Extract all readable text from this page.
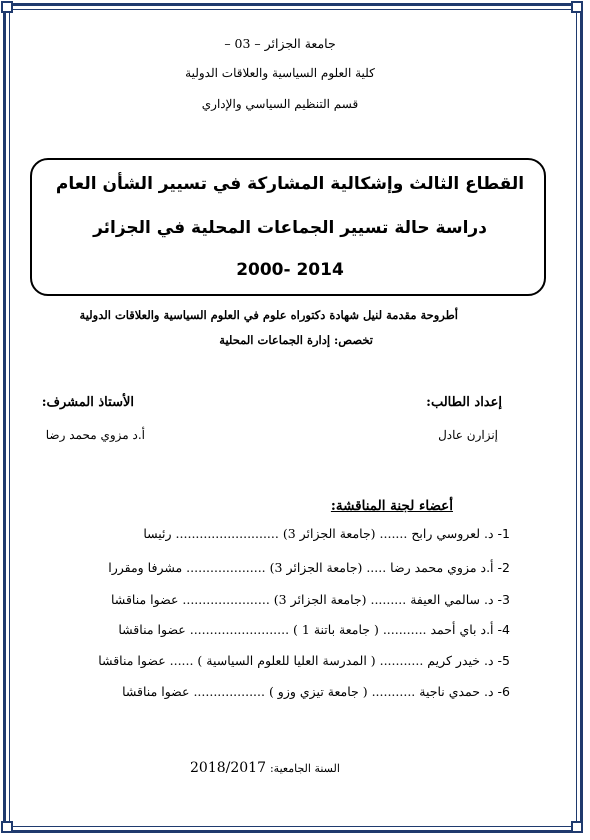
جامعة الجزائر – 03 –
كلية العلوم السياسية والعلاقات الدولية
قسم التنظيم السياسي والإداري
القطاع الثالث وإشكالية المشاركة في تسيير الشأن العام
دراسة حالة تسيير الجماعات المحلية في الجزائر
2000- 2014
أطروحة مقدمة لنيل شهادة دكتوراه علوم في العلوم السياسية والعلاقات الدولية
تخصص: إدارة الجماعات المحلية
إعداد الطالب:
إنزارن عادل
الأستاذ المشرف:
أ.د مزوي محمد رضا
أعضاء لجنة المناقشة:
1-د. لعروسي رابح ....... (جامعة الجزائر 3) .......................... رئيسا
2-أ.د مزوي محمد رضا ..... (جامعة الجزائر 3) .................... مشرفا ومقررا
3-د. سالمي العيفة ......... (جامعة الجزائر 3) ...................... عضوا مناقشا
4-أ.د باي أحمد ........... ( جامعة باتنة 1 ) ......................... عضوا مناقشا
5-د. خيدر كريم ........... ( المدرسة العليا للعلوم السياسية ) ...... عضوا مناقشا
6-د. حمدي ناجية ........... ( جامعة تيزي وزو ) .................. عضوا مناقشا
السنة الجامعية: 2018/2017
